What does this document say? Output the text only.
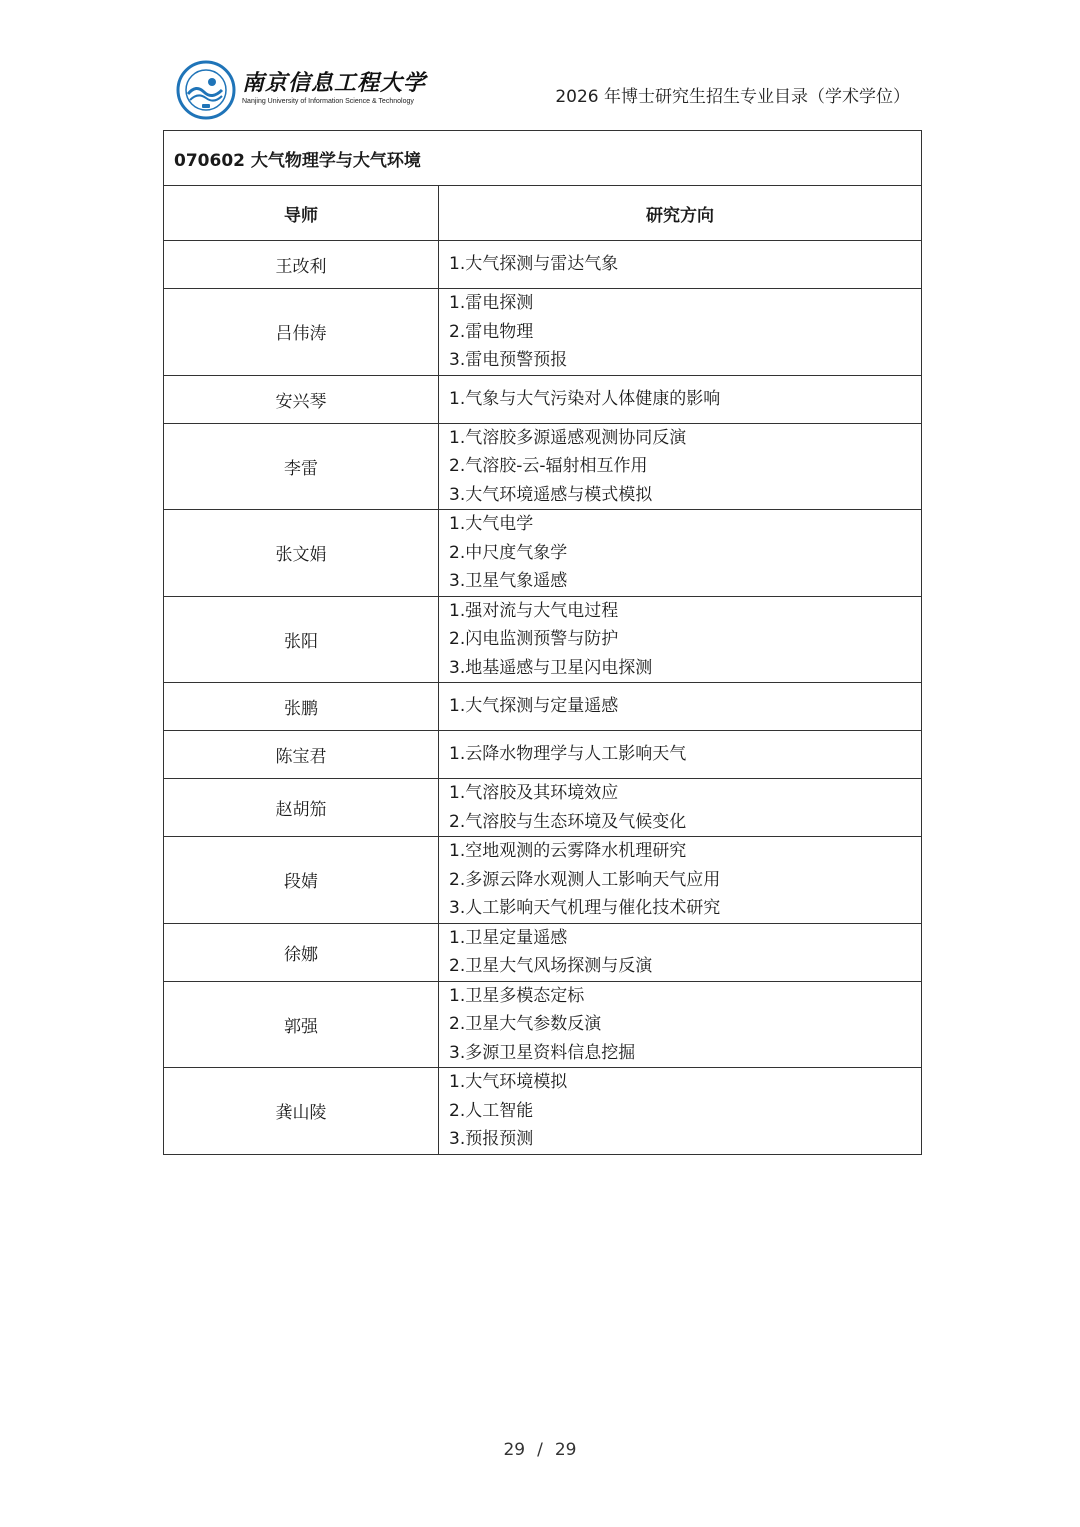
南京信息工程大学
Nanjing University of Information Science & Technology	2026 年博士研究生招生专业目录（学术学位）
070602 大气物理学与大气环境	
导师	研究方向
王改利	1.大气探测与雷达气象

吕伟涛	1.雷电探测
2.雷电物理
3.雷电预警预报

安兴琴	1.气象与大气污染对人体健康的影响

李雷	1.气溶胶多源遥感观测协同反演
2.气溶胶-云-辐射相互作用
3.大气环境遥感与模式模拟

张文娟	1.大气电学
2.中尺度气象学
3.卫星气象遥感

张阳	1.强对流与大气电过程
2.闪电监测预警与防护
3.地基遥感与卫星闪电探测

张鹏	1.大气探测与定量遥感

陈宝君	1.云降水物理学与人工影响天气

赵胡笳	1.气溶胶及其环境效应
2.气溶胶与生态环境及气候变化

段婧	1.空地观测的云雾降水机理研究
2.多源云降水观测人工影响天气应用
3.人工影响天气机理与催化技术研究

徐娜	1.卫星定量遥感
2.卫星大气风场探测与反演

郭强	1.卫星多模态定标
2.卫星大气参数反演
3.多源卫星资料信息挖掘

龚山陵	1.大气环境模拟
2.人工智能
3.预报预测
29 / 29
